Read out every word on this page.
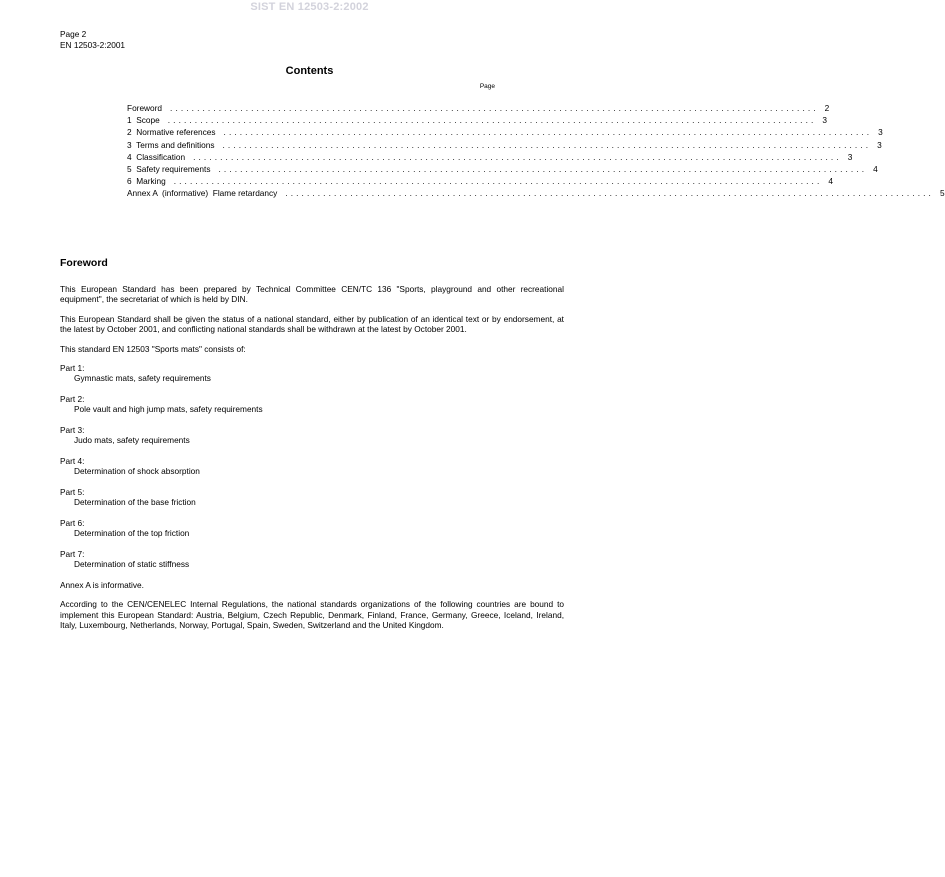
SIST EN 12503-2:2002
Page 2
EN 12503-2:2001
Contents
Page
Foreword ........................................................................................................................ 2
1  Scope ........................................................................................................................ 3
2  Normative references ........................................................................................................................ 3
3  Terms and definitions ........................................................................................................................ 3
4  Classification ........................................................................................................................ 3
5  Safety requirements ........................................................................................................................ 4
6  Marking ........................................................................................................................ 4
Annex A  (informative)  Flame retardancy ........................................................................................................................ 5
Foreword

This European Standard has been prepared by Technical Committee CEN/TC 136 "Sports, playground and other recreational equipment", the secretariat of which is held by DIN.

This European Standard shall be given the status of a national standard, either by publication of an identical text or by endorsement, at the latest by October 2001, and conflicting national standards shall be withdrawn at the latest by October 2001.

This standard EN 12503 "Sports mats" consists of:

Part 1:
Gymnastic mats, safety requirements
Part 2:
Pole vault and high jump mats, safety requirements
Part 3:
Judo mats, safety requirements
Part 4:
Determination of shock absorption
Part 5:
Determination of the base friction
Part 6:
Determination of the top friction
Part 7:
Determination of static stiffness

Annex A is informative.

According to the CEN/CENELEC Internal Regulations, the national standards organizations of the following countries are bound to implement this European Standard: Austria, Belgium, Czech Republic, Denmark, Finland, France, Germany, Greece, Iceland, Ireland, Italy, Luxembourg, Netherlands, Norway, Portugal, Spain, Sweden, Switzerland and the United Kingdom.
